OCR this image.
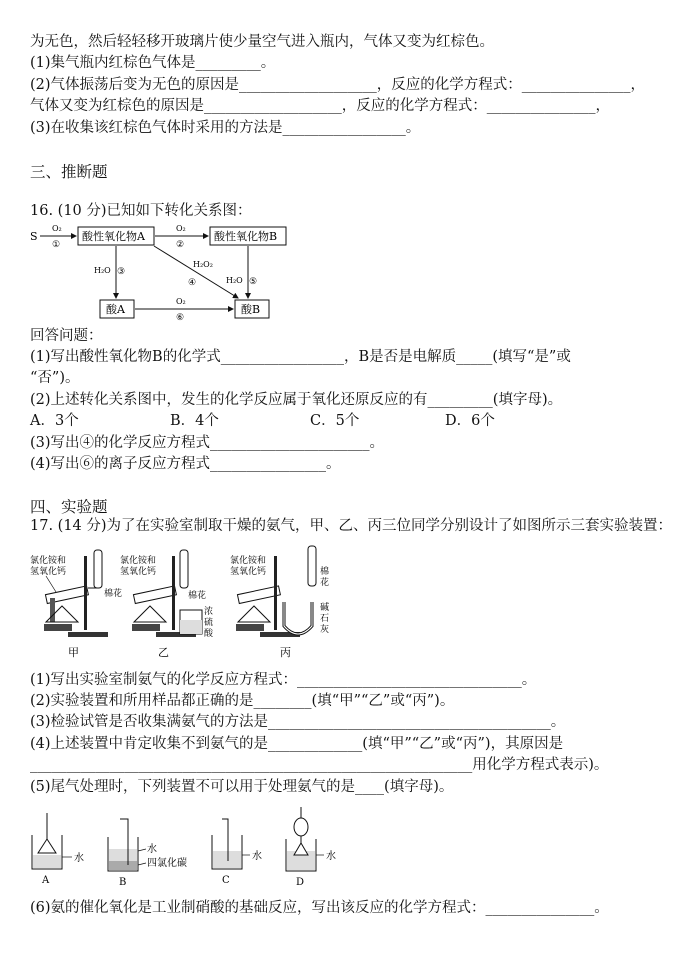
为无色，然后轻轻移开玻璃片使少量空气进入瓶内，气体又变为红棕色。
(1)集气瓶内红棕色气体是_________。
(2)气体振荡后变为无色的原因是___________________，反应的化学方程式：_______________，
气体又变为红棕色的原因是___________________，反应的化学方程式：_______________，
(3)在收集该红棕色气体时采用的方法是_________________。
三、推断题
16. (10 分)已知如下转化关系图：
S
O₂
①
酸性氧化物A
O₂
②
酸性氧化物B
H₂O ③
H₂O₂
④	H₂O ⑤
酸A
O₂
⑥
酸B
回答问题：
(1)写出酸性氧化物B的化学式_________________，B是否是电解质_____(填写“是”或
“否”)。
(2)上述转化关系图中，发生的化学反应属于氧化还原反应的有_________(填字母)。
A．3个	B．4个	C．5个	D．6个
(3)写出④的化学反应方程式______________________。
(4)写出⑥的离子反应方程式________________。
四、实验题
17. (14 分)为了在实验室制取干燥的氨气，甲、乙、丙三位同学分别设计了如图所示三套实验装置：
氯化铵和
氢氧化钙
棉花
甲
氯化铵和
氢氧化钙
棉花
浓
硫
酸
乙
氯化铵和
氢氧化钙	棉
花
碱
石
灰
丙
(1)写出实验室制氨气的化学反应方程式：_______________________________。
(2)实验装置和所用样品都正确的是________(填“甲”“乙”或“丙”)。
(3)检验试管是否收集满氨气的方法是_______________________________________。
(4)上述装置中肯定收集不到氨气的是_____________(填“甲”“乙”或“丙”)，其原因是
_____________________________________________________________用化学方程式表示)。
(5)尾气处理时，下列装置不可以用于处理氨气的是____(填字母)。
水
A
水
四氯化碳
B
水
C
水
D
(6)氨的催化氧化是工业制硝酸的基础反应，写出该反应的化学方程式：_______________。
